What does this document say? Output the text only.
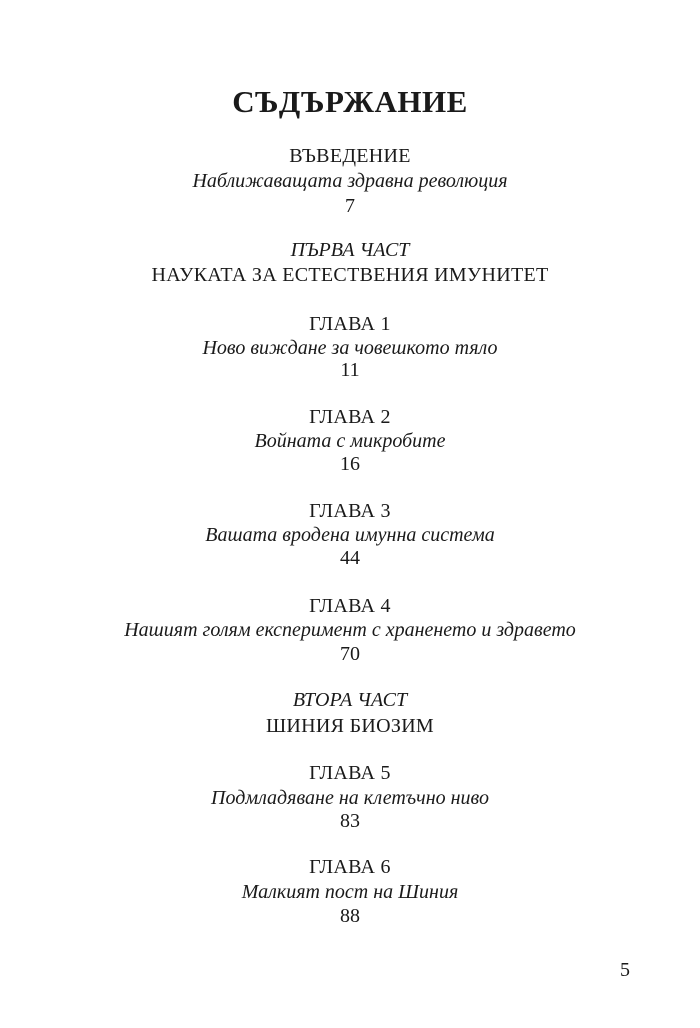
СЪДЪРЖАНИЕ
ВЪВЕДЕНИЕ
Наближаващата здравна революция
7
ПЪРВА ЧАСТ
НАУКАТА ЗА ЕСТЕСТВЕНИЯ ИМУНИТЕТ
ГЛАВА 1
Ново виждане за човешкото тяло
11
ГЛАВА 2
Войната с микробите
16
ГЛАВА 3
Вашата вродена имунна система
44
ГЛАВА 4
Нашият голям експеримент с храненето и здравето
70
ВТОРА ЧАСТ
ШИНИЯ БИОЗИМ
ГЛАВА 5
Подмладяване на клетъчно ниво
83
ГЛАВА 6
Малкият пост на Шиния
88
5
